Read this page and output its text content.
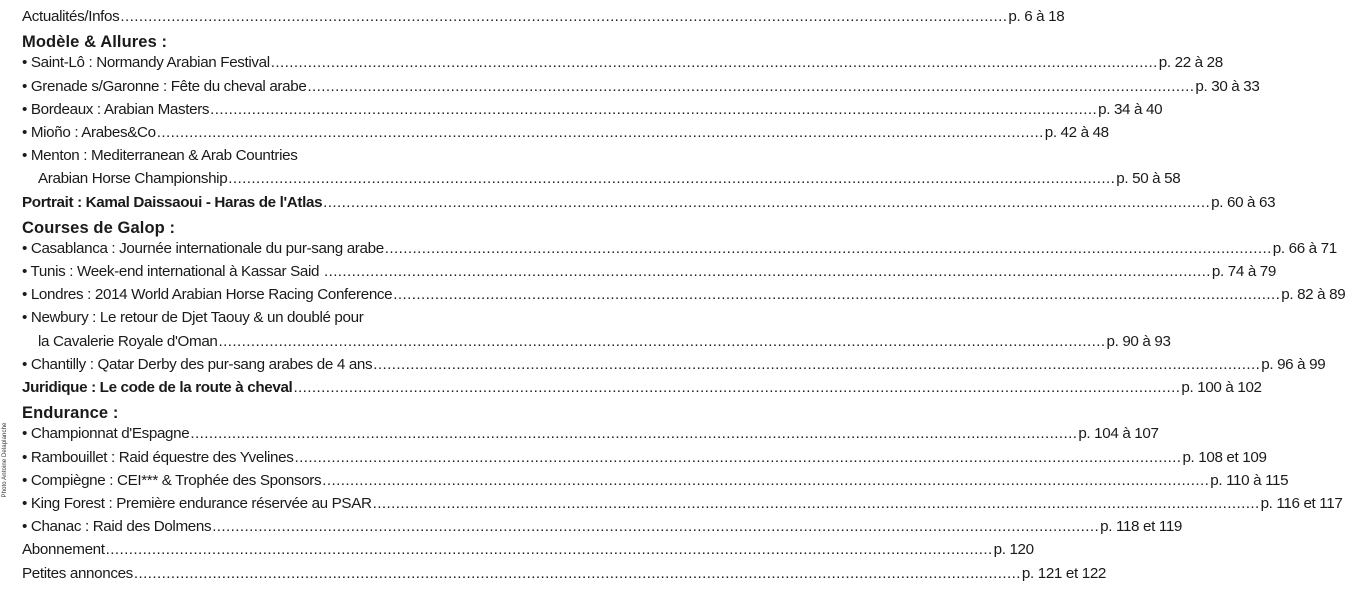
Photo Antoine Delaplanche
Actualités/Infos ................................................................................................................................................................................................ p. 6 à 18
Modèle & Allures :
• Saint-Lô : Normandy Arabian Festival ................................................................................................................................................................................................ p. 22 à 28
• Grenade s/Garonne : Fête du cheval arabe ................................................................................................................................................................................................ p. 30 à 33
• Bordeaux : Arabian Masters ................................................................................................................................................................................................ p. 34 à 40
• Mioño : Arabes&Co ................................................................................................................................................................................................ p. 42 à 48
• Menton : Mediterranean & Arab Countries
Arabian Horse Championship ................................................................................................................................................................................................ p. 50 à 58
Portrait : Kamal Daissaoui - Haras de l'Atlas ................................................................................................................................................................................................ p. 60 à 63
Courses de Galop :
• Casablanca : Journée internationale du pur-sang arabe ................................................................................................................................................................................................ p. 66 à 71
• Tunis : Week-end international à Kassar Said ................................................................................................................................................................................................ p. 74 à 79
• Londres : 2014 World Arabian Horse Racing Conference ................................................................................................................................................................................................ p. 82 à 89
• Newbury : Le retour de Djet Taouy & un doublé pour
la Cavalerie Royale d'Oman ................................................................................................................................................................................................ p. 90 à 93
• Chantilly : Qatar Derby des pur-sang arabes de 4 ans ................................................................................................................................................................................................ p. 96 à 99
Juridique : Le code de la route à cheval ................................................................................................................................................................................................ p. 100 à 102
Endurance :
• Championnat d'Espagne ................................................................................................................................................................................................ p. 104 à 107
• Rambouillet : Raid équestre des Yvelines ................................................................................................................................................................................................ p. 108 et 109
• Compiègne : CEI*** & Trophée des Sponsors ................................................................................................................................................................................................ p. 110 à 115
• King Forest : Première endurance réservée au PSAR ................................................................................................................................................................................................ p. 116 et 117
• Chanac : Raid des Dolmens ................................................................................................................................................................................................ p. 118 et 119
Abonnement ................................................................................................................................................................................................ p. 120
Petites annonces ................................................................................................................................................................................................ p. 121 et 122
